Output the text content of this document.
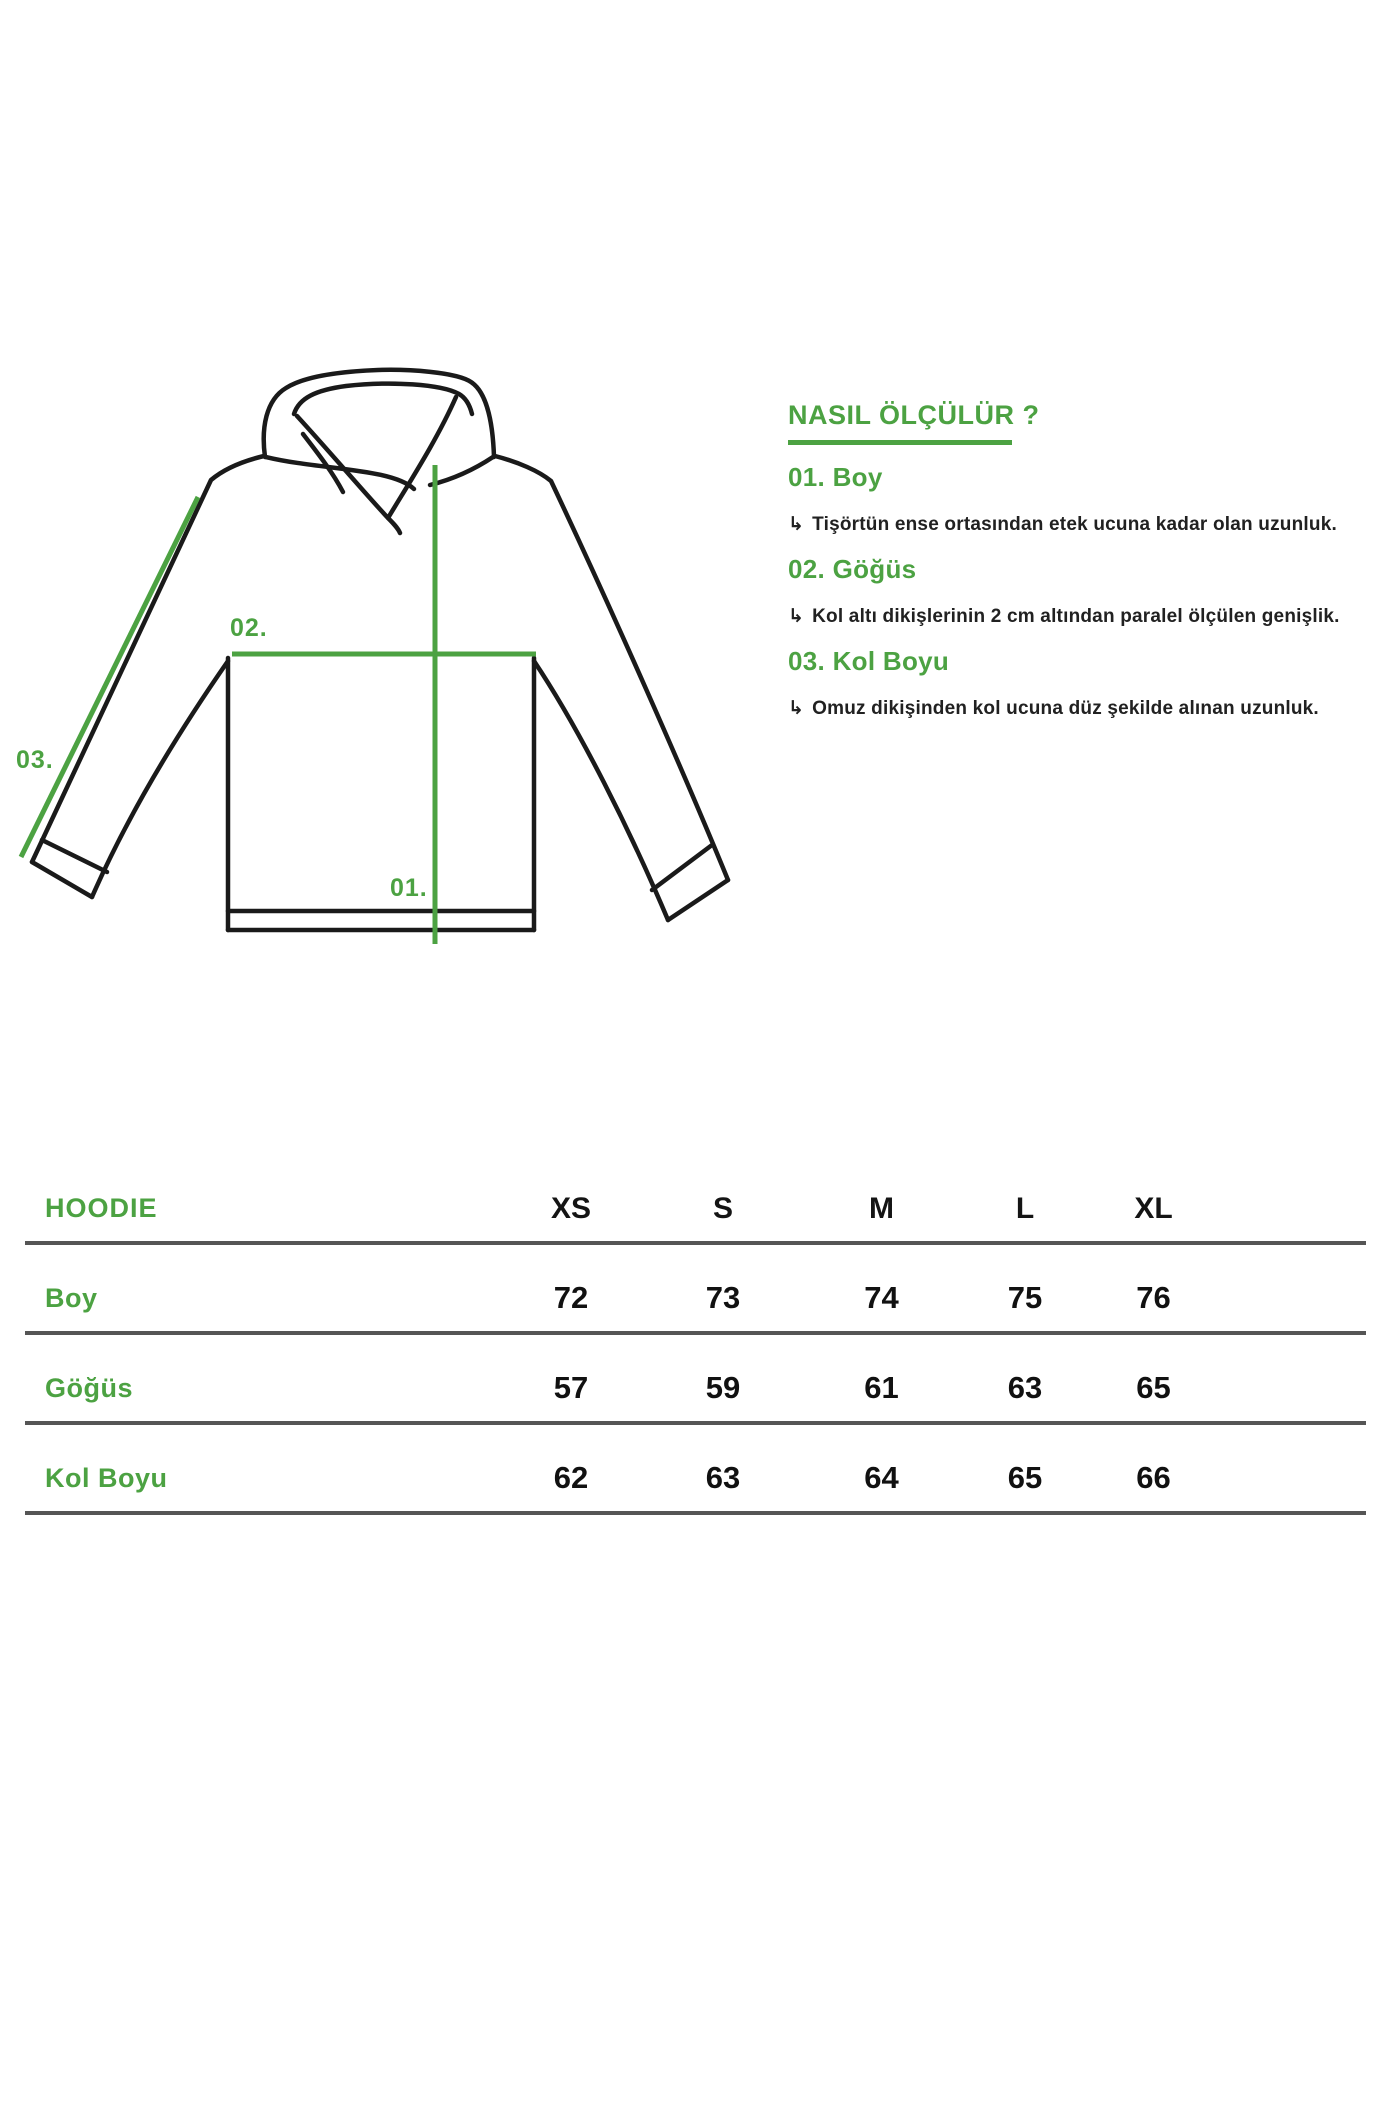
01.
02.
03.
NASIL ÖLÇÜLÜR ?
01. Boy

↳ Tişörtün ense ortasından etek ucuna kadar olan uzunluk.

02. Göğüs

↳ Kol altı dikişlerinin 2 cm altından paralel ölçülen genişlik.

03. Kol Boyu

↳ Omuz dikişinden kol ucuna düz şekilde alınan uzunluk.

HOODIE	XS	S	M	L	XL
Boy	72	73	74	75	76
Göğüs	57	59	61	63	65
Kol Boyu	62	63	64	65	66
